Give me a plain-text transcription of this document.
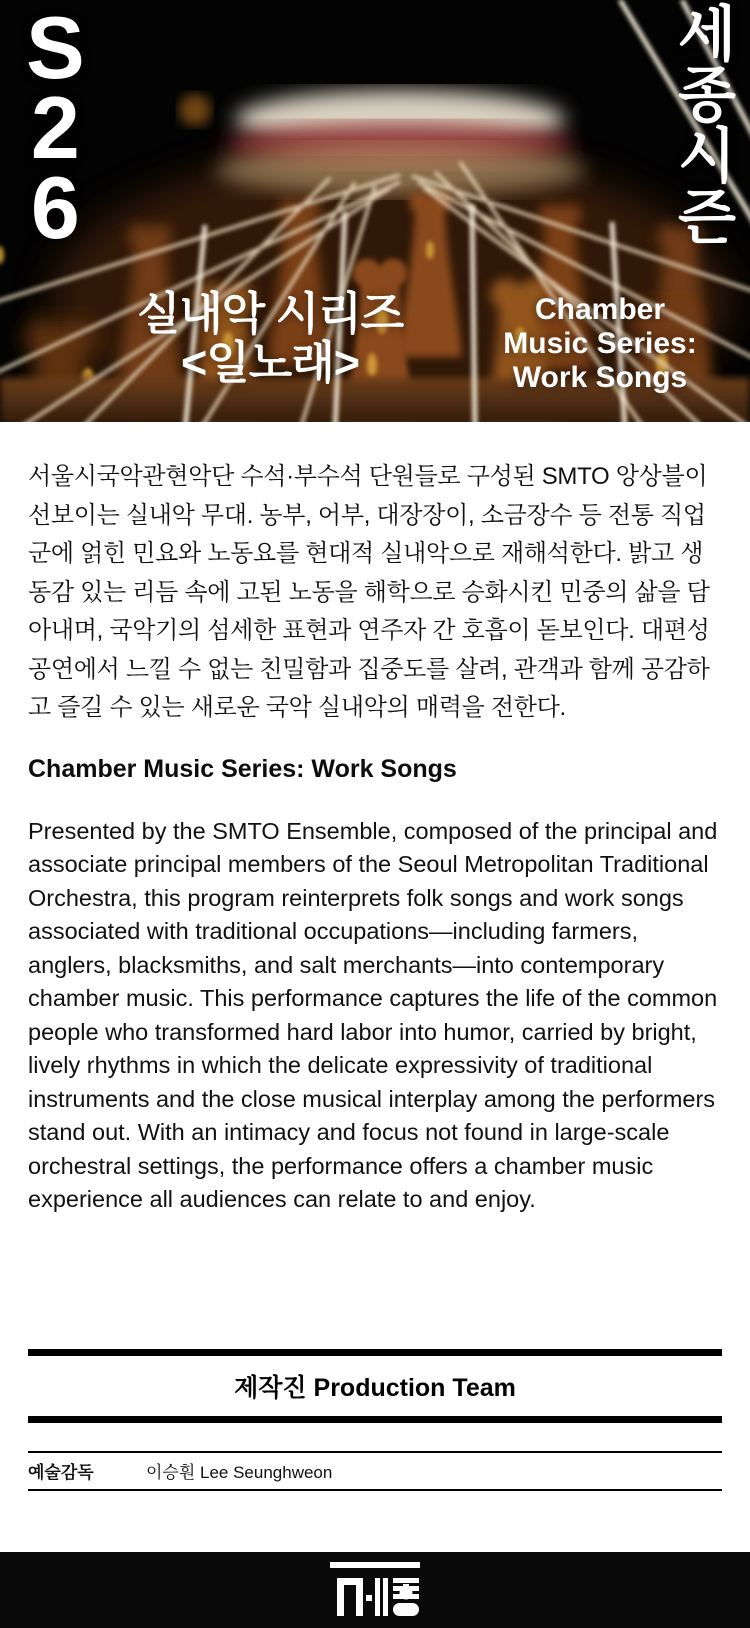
S
2
6
세
종
시
즌
실내악 시리즈
<일노래>
Chamber
Music Series:
Work Songs

서울시국악관현악단 수석·부수석 단원들로 구성된 SMTO 앙상블이 선보이는 실내악 무대. 농부, 어부, 대장장이, 소금장수 등 전통 직업군에 얽힌 민요와 노동요를 현대적 실내악으로 재해석한다. 밝고 생동감 있는 리듬 속에 고된 노동을 해학으로 승화시킨 민중의 삶을 담아내며, 국악기의 섬세한 표현과 연주자 간 호흡이 돋보인다. 대편성 공연에서 느낄 수 없는 친밀함과 집중도를 살려, 관객과 함께 공감하고 즐길 수 있는 새로운 국악 실내악의 매력을 전한다.

Chamber Music Series: Work Songs

Presented by the SMTO Ensemble, composed of the principal and associate principal members of the Seoul Metropolitan Traditional Orchestra, this program reinterprets folk songs and work songs associated with traditional occupations—including farmers, anglers, blacksmiths, and salt merchants—into contemporary chamber music. This performance captures the life of the common people who transformed hard labor into humor, carried by bright, lively rhythms in which the delicate expressivity of traditional instruments and the close musical interplay among the performers stand out. With an intimacy and focus not found in large-scale orchestral settings, the performance offers a chamber music experience all audiences can relate to and enjoy.

제작진 Production Team
예술감독	이승훤 Lee Seunghweon
